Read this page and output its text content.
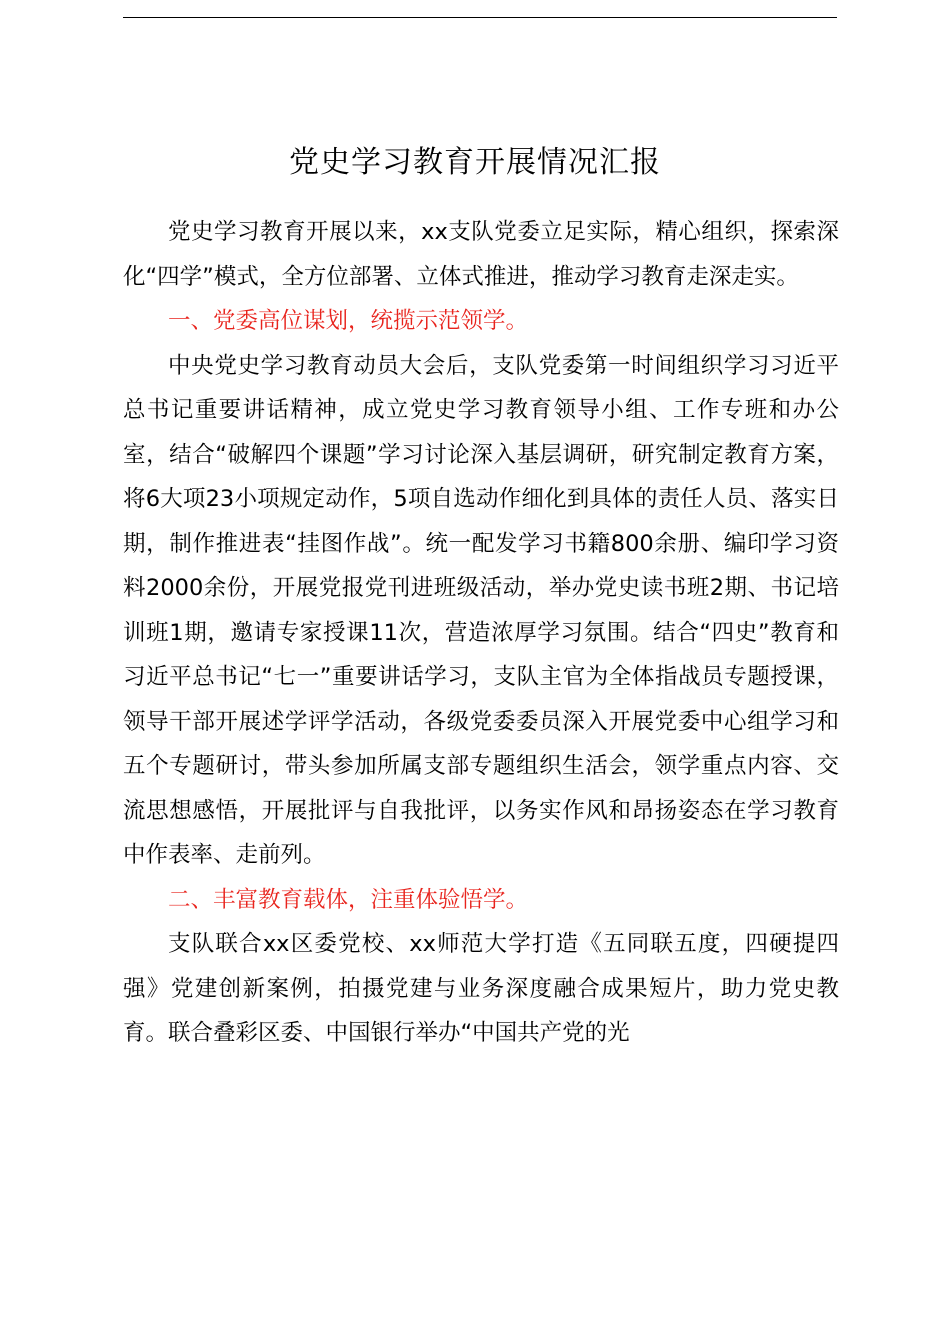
党史学习教育开展情况汇报

党史学习教育开展以来，xx支队党委立足实际，精心组织，探索深化“四学”模式，全方位部署、立体式推进，推动学习教育走深走实。

一、党委高位谋划，统揽示范领学。

中央党史学习教育动员大会后，支队党委第一时间组织学习习近平总书记重要讲话精神，成立党史学习教育领导小组、工作专班和办公室，结合“破解四个课题”学习讨论深入基层调研，研究制定教育方案，将6大项23小项规定动作，5项自选动作细化到具体的责任人员、落实日期，制作推进表“挂图作战”。统一配发学习书籍800余册、编印学习资料2000余份，开展党报党刊进班级活动，举办党史读书班2期、书记培训班1期，邀请专家授课11次，营造浓厚学习氛围。结合“四史”教育和习近平总书记“七一”重要讲话学习，支队主官为全体指战员专题授课，领导干部开展述学评学活动，各级党委委员深入开展党委中心组学习和五个专题研讨，带头参加所属支部专题组织生活会，领学重点内容、交流思想感悟，开展批评与自我批评，以务实作风和昂扬姿态在学习教育中作表率、走前列。

二、丰富教育载体，注重体验悟学。

支队联合xx区委党校、xx师范大学打造《五同联五度，四硬提四强》党建创新案例，拍摄党建与业务深度融合成果短片，助力党史教育。联合叠彩区委、中国银行举办“中国共产党的光
